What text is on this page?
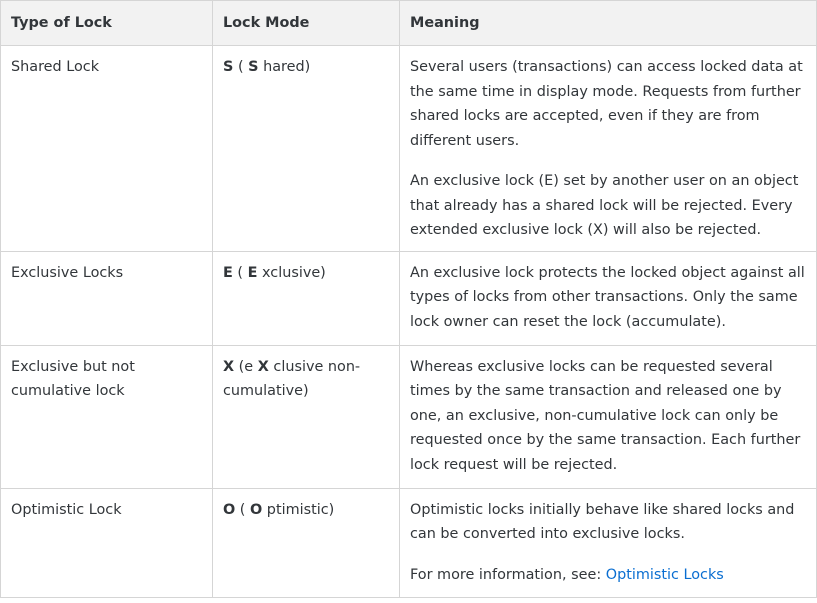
Type of Lock	Lock Mode	Meaning
Shared Lock	S ( S hared)	Several users (transactions) can access locked data at the same time in display mode. Requests from further shared locks are accepted, even if they are from different users.

An exclusive lock (E) set by another user on an object that already has a shared lock will be rejected. Every extended exclusive lock (X) will also be rejected.

Exclusive Locks	E ( E xclusive)	An exclusive lock protects the locked object against all types of locks from other transactions. Only the same lock owner can reset the lock (accumulate).

Exclusive but not cumulative lock	X (e X clusive non-cumulative)	Whereas exclusive locks can be requested several times by the same transaction and released one by one, an exclusive, non-cumulative lock can only be requested once by the same transaction. Each further lock request will be rejected.

Optimistic Lock	O ( O ptimistic)	Optimistic locks initially behave like shared locks and can be converted into exclusive locks.

For more information, see: Optimistic Locks
